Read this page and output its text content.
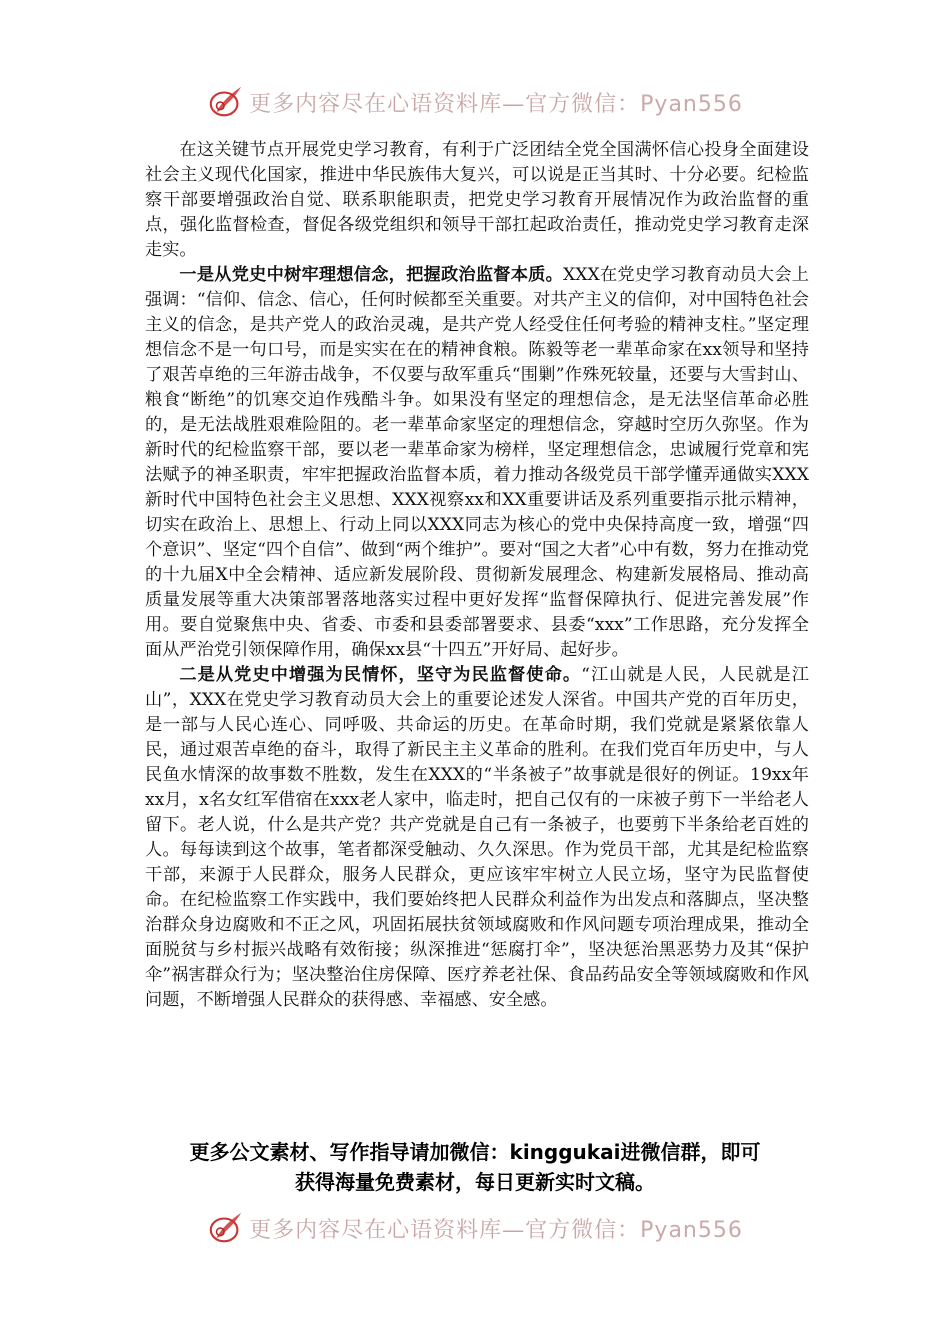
更多内容尽在心语资料库—官方微信：Pyan556

在这关键节点开展党史学习教育，有利于广泛团结全党全国满怀信心投身全面建设社会主义现代化国家，推进中华民族伟大复兴，可以说是正当其时、十分必要。纪检监察干部要增强政治自觉、联系职能职责，把党史学习教育开展情况作为政治监督的重点，强化监督检查，督促各级党组织和领导干部扛起政治责任，推动党史学习教育走深走实。

一是从党史中树牢理想信念，把握政治监督本质。XXX在党史学习教育动员大会上强调：“信仰、信念、信心，任何时候都至关重要。对共产主义的信仰，对中国特色社会主义的信念，是共产党人的政治灵魂，是共产党人经受住任何考验的精神支柱。”坚定理想信念不是一句口号，而是实实在在的精神食粮。陈毅等老一辈革命家在xx领导和坚持了艰苦卓绝的三年游击战争，不仅要与敌军重兵“围剿”作殊死较量，还要与大雪封山、粮食“断绝”的饥寒交迫作残酷斗争。如果没有坚定的理想信念，是无法坚信革命必胜的，是无法战胜艰难险阻的。老一辈革命家坚定的理想信念，穿越时空历久弥坚。作为新时代的纪检监察干部，要以老一辈革命家为榜样，坚定理想信念，忠诚履行党章和宪法赋予的神圣职责，牢牢把握政治监督本质，着力推动各级党员干部学懂弄通做实XXX新时代中国特色社会主义思想、XXX视察xx和XX重要讲话及系列重要指示批示精神，切实在政治上、思想上、行动上同以XXX同志为核心的党中央保持高度一致，增强“四个意识”、坚定“四个自信”、做到“两个维护”。要对“国之大者”心中有数，努力在推动党的十九届X中全会精神、适应新发展阶段、贯彻新发展理念、构建新发展格局、推动高质量发展等重大决策部署落地落实过程中更好发挥“监督保障执行、促进完善发展”作用。要自觉聚焦中央、省委、市委和县委部署要求、县委“xxx”工作思路，充分发挥全面从严治党引领保障作用，确保xx县“十四五”开好局、起好步。

二是从党史中增强为民情怀，坚守为民监督使命。“江山就是人民，人民就是江山”，XXX在党史学习教育动员大会上的重要论述发人深省。中国共产党的百年历史，是一部与人民心连心、同呼吸、共命运的历史。在革命时期，我们党就是紧紧依靠人民，通过艰苦卓绝的奋斗，取得了新民主主义革命的胜利。在我们党百年历史中，与人民鱼水情深的故事数不胜数，发生在XXX的“半条被子”故事就是很好的例证。19xx年xx月，x名女红军借宿在xxx老人家中，临走时，把自己仅有的一床被子剪下一半给老人留下。老人说，什么是共产党？共产党就是自己有一条被子，也要剪下半条给老百姓的人。每每读到这个故事，笔者都深受触动、久久深思。作为党员干部，尤其是纪检监察干部，来源于人民群众，服务人民群众，更应该牢牢树立人民立场，坚守为民监督使命。在纪检监察工作实践中，我们要始终把人民群众利益作为出发点和落脚点，坚决整治群众身边腐败和不正之风，巩固拓展扶贫领域腐败和作风问题专项治理成果，推动全面脱贫与乡村振兴战略有效衔接；纵深推进“惩腐打伞”，坚决惩治黑恶势力及其“保护伞”祸害群众行为；坚决整治住房保障、医疗养老社保、食品药品安全等领域腐败和作风问题，不断增强人民群众的获得感、幸福感、安全感。

更多公文素材、写作指导请加微信：kinggukai进微信群，即可
获得海量免费素材，每日更新实时文稿。
更多内容尽在心语资料库—官方微信：Pyan556
